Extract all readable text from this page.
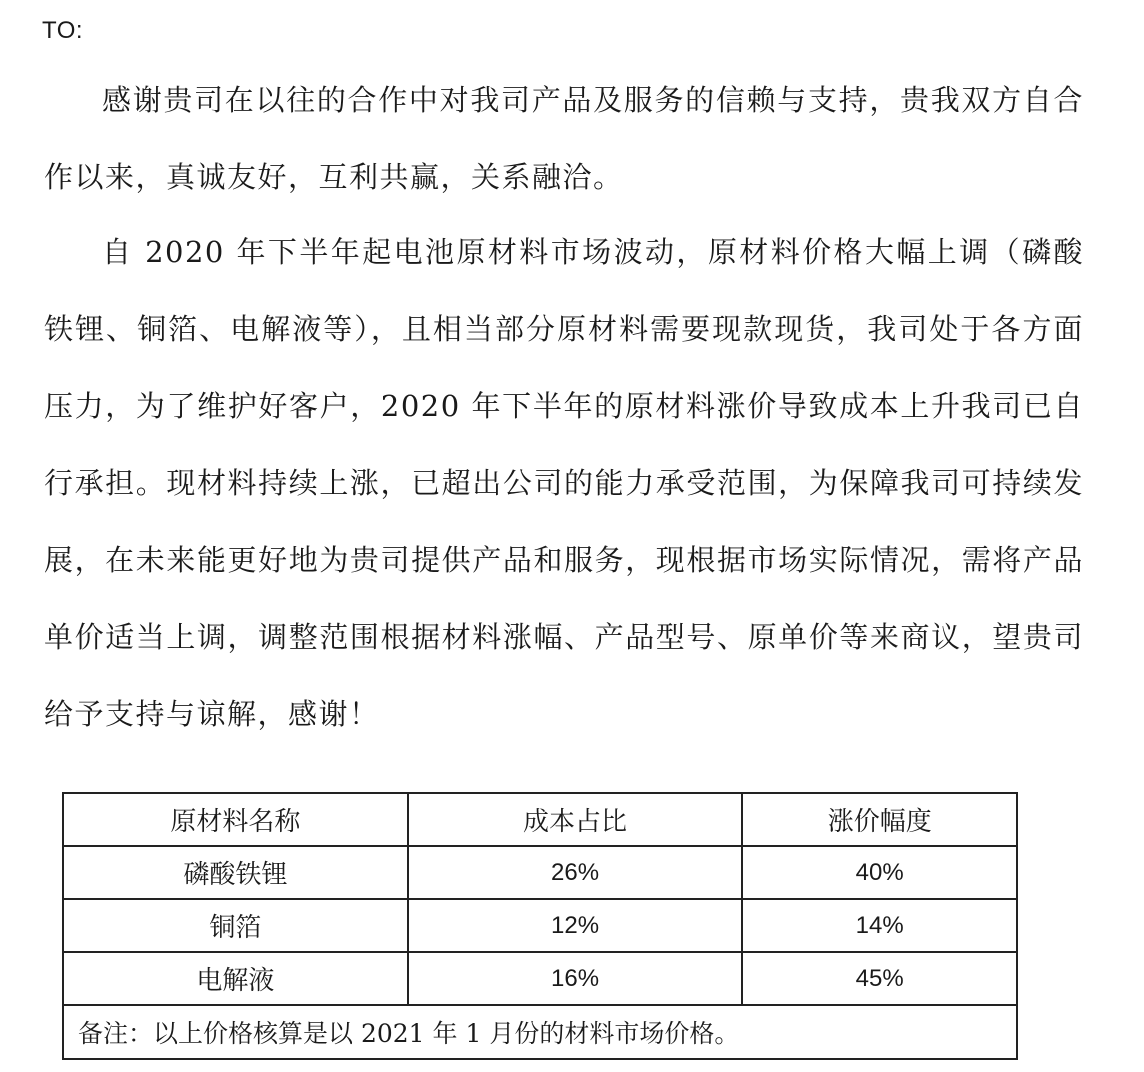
TO:

感谢贵司在以往的合作中对我司产品及服务的信赖与支持，贵我双方自合作以来，真诚友好，互利共赢，关系融洽。

自 2020 年下半年起电池原材料市场波动，原材料价格大幅上调（磷酸铁锂、铜箔、电解液等），且相当部分原材料需要现款现货，我司处于各方面压力，为了维护好客户，2020 年下半年的原材料涨价导致成本上升我司已自行承担。现材料持续上涨，已超出公司的能力承受范围，为保障我司可持续发展，在未来能更好地为贵司提供产品和服务，现根据市场实际情况，需将产品单价适当上调，调整范围根据材料涨幅、产品型号、原单价等来商议，望贵司给予支持与谅解，感谢！

原材料名称	成本占比	涨价幅度
磷酸铁锂	26%	40%
铜箔	12%	14%
电解液	16%	45%
备注：以上价格核算是以 2021 年 1 月份的材料市场价格。		
